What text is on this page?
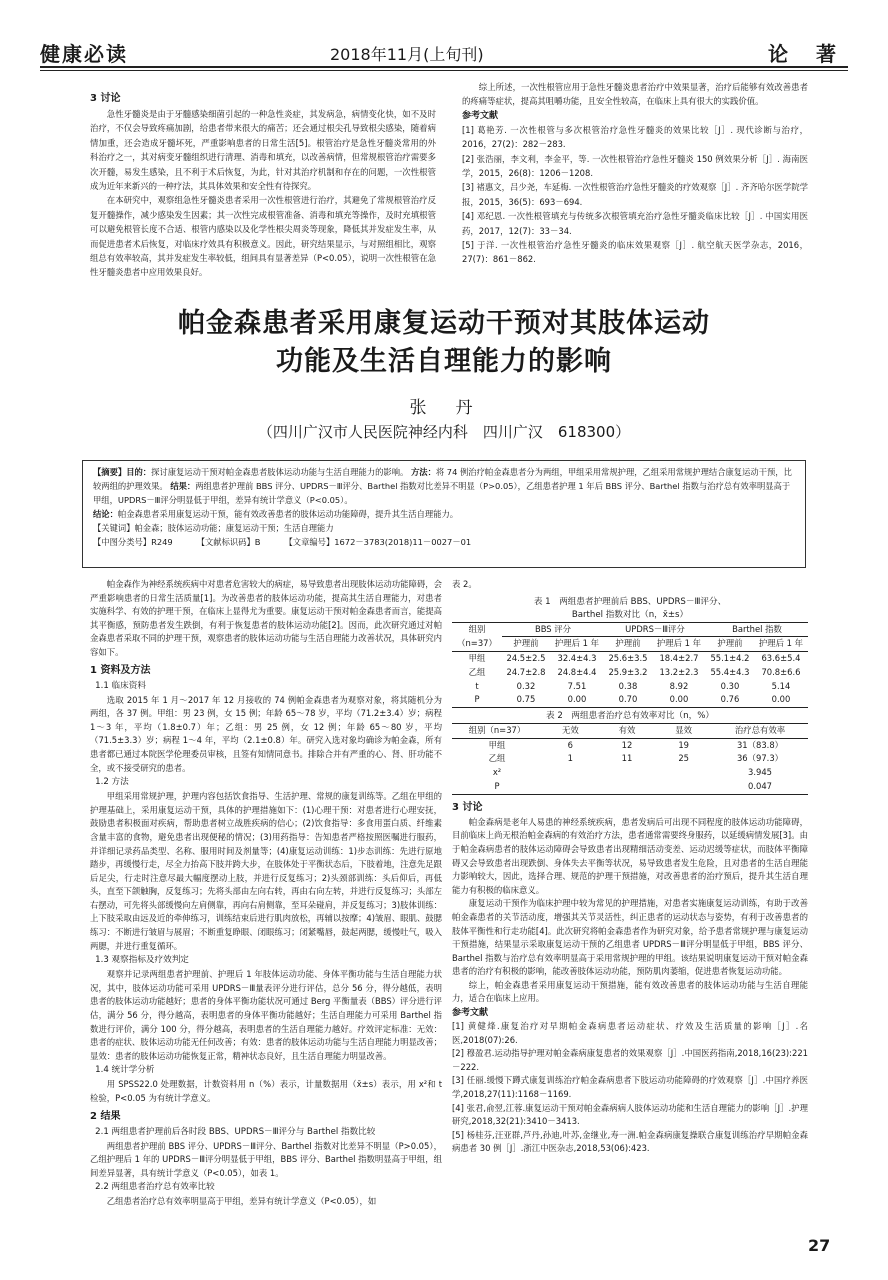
健康必读	2018年11月(上旬刊)	论　著
3 讨论

急性牙髓炎是由于牙髓感染细菌引起的一种急性炎症，其发病急，病情变化快，如不及时治疗，不仅会导致疼痛加剧，给患者带来很大的痛苦；还会通过根尖孔导致根尖感染，随着病情加重，还会造成牙髓坏死，严重影响患者的日常生活[5]。根管治疗是急性牙髓炎常用的外科治疗之一，其对病变牙髓组织进行清理、消毒和填充，以改善病情，但常规根管治疗需要多次开髓，易发生感染，且不利于术后恢复，为此，针对其治疗机制和存在的问题，一次性根管成为近年来新兴的一种疗法，其具体效果和安全性有待探究。

在本研究中，观察组急性牙髓炎患者采用一次性根管进行治疗，其避免了常规根管治疗反复开髓操作，减少感染发生因素；其一次性完成根管准备、消毒和填充等操作，及时充填根管可以避免根管长度不合适、根管内感染以及化学性根尖周炎等现象，降低其并发症发生率，从而促进患者术后恢复，对临床疗效具有积极意义。因此，研究结果显示，与对照组相比，观察组总有效率较高，其并发症发生率较低，组间具有显著差异（P<0.05），说明一次性根管在急性牙髓炎患者中应用效果良好。

综上所述，一次性根管应用于急性牙髓炎患者治疗中效果显著，治疗后能够有效改善患者的疼痛等症状，提高其咀嚼功能，且安全性较高，在临床上具有很大的实践价值。

参考文献

[1] 葛艳芳. 一次性根管与多次根管治疗急性牙髓炎的效果比较［J］. 现代诊断与治疗，2016，27(2)：282－283.

[2] 张浩丽，李文利，李金平，等. 一次性根管治疗急性牙髓炎 150 例效果分析［J］. 海南医学，2015，26(8)：1206－1208.

[3] 褚惠文，吕少尧，车延梅. 一次性根管治疗急性牙髓炎的疗效观察［J］. 齐齐哈尔医学院学报，2015，36(5)：693－694.

[4] 邓纪恩. 一次性根管填充与传统多次根管填充治疗急性牙髓炎临床比较［J］. 中国实用医药，2017，12(7)：33－34.

[5] 于洋. 一次性根管治疗急性牙髓炎的临床效果观察［J］. 航空航天医学杂志，2016，27(7)：861－862.

帕金森患者采用康复运动干预对其肢体运动
功能及生活自理能力的影响
张　丹
（四川广汉市人民医院神经内科　四川广汉　618300）
【摘要】目的：探讨康复运动干预对帕金森患者肢体运动功能与生活自理能力的影响。 方法：将 74 例治疗帕金森患者分为两组，甲组采用常规护理，乙组采用常规护理结合康复运动干预，比较两组的护理效果。 结果：两组患者护理前 BBS 评分、UPDRS－Ⅲ评分、Barthel 指数对比差异不明显（P>0.05），乙组患者护理 1 年后 BBS 评分、Barthel 指数与治疗总有效率明显高于甲组，UPDRS－Ⅲ评分明显低于甲组，差异有统计学意义（P<0.05）。
结论：帕金森患者采用康复运动干预，能有效改善患者的肢体运动功能障碍，提升其生活自理能力。
【关键词】帕金森；肢体运动功能；康复运动干预；生活自理能力
【中图分类号】R249	【文献标识码】B	【文章编号】1672－3783(2018)11－0027－01

帕金森作为神经系统疾病中对患者危害较大的病症，易导致患者出现肢体运动功能障碍，会严重影响患者的日常生活质量[1]。为改善患者的肢体运动功能，提高其生活自理能力，对患者实施科学、有效的护理干预，在临床上显得尤为重要。康复运动干预对帕金森患者而言，能提高其平衡感，预防患者发生跌倒，有利于恢复患者的肢体运动功能[2]。因而，此次研究通过对帕金森患者采取不同的护理干预，观察患者的肢体运动功能与生活自理能力改善状况，具体研究内容如下。

1 资料及方法
1.1 临床资料

选取 2015 年 1 月～2017 年 12 月接收的 74 例帕金森患者为观察对象，将其随机分为两组，各 37 例。甲组：男 23 例，女 15 例；年龄 65～78 岁，平均（71.2±3.4）岁；病程 1～3 年，平均（1.8±0.7）年；乙组：男 25 例，女 12 例；年龄 65～80 岁，平均（71.5±3.3）岁；病程 1～4 年，平均（2.1±0.8）年。研究入选对象均确诊为帕金森，所有患者都已通过本院医学伦理委员审核，且签有知情同意书。排除合并有严重的心、肾、肝功能不全，或不接受研究的患者。

1.2 方法

甲组采用常规护理，护理内容包括饮食指导、生活护理、常规的康复训练等。乙组在甲组的护理基础上，采用康复运动干预，具体的护理措施如下：(1)心理干预：对患者进行心理安抚，鼓励患者积极面对疾病，帮助患者树立战胜疾病的信心；(2)饮食指导：多食用蛋白质、纤维素含量丰富的食物，避免患者出现便秘的情况；(3)用药指导：告知患者严格按照医嘱进行服药，并详细记录药品类型、名称、服用时间及剂量等；(4)康复运动训练：1)步态训练：先进行原地踏步，再缓慢行走，尽全力抬高下肢并跨大步，在肢体处于平衡状态后，下肢着地，注意先足跟后足尖，行走时注意尽最大幅度摆动上肢，并进行反复练习；2)头颈部训练：头后仰后，再低头，直至下颌触胸，反复练习；先将头部由左向右转，再由右向左转，并进行反复练习；头部左右摆动，可先将头部缓慢向左肩侧靠，再向右肩侧靠，至耳朵碰肩，并反复练习；3)肢体训练：上下肢采取由远及近的牵伸练习，训练结束后进行肌肉放松，再辅以按摩；4)皱眉、眼肌、鼓腮练习：不断进行皱眉与展眉；不断重复睁眼、闭眼练习；闭紧嘴唇，鼓起两腮，缓慢吐气，吸入两腮，并进行重复循环。

1.3 观察指标及疗效判定

观察并记录两组患者护理前、护理后 1 年肢体运动功能、身体平衡功能与生活自理能力状况，其中，肢体运动功能可采用 UPDRS－Ⅲ量表评分进行评估，总分 56 分，得分越低，表明患者的肢体运动功能越好；患者的身体平衡功能状况可通过 Berg 平衡量表（BBS）评分进行评估，满分 56 分，得分越高，表明患者的身体平衡功能越好；生活自理能力可采用 Barthel 指数进行评价，满分 100 分，得分越高，表明患者的生活自理能力越好。疗效评定标准：无效：患者的症状、肢体运动功能无任何改善；有效：患者的肢体运动功能与生活自理能力明显改善；显效：患者的肢体运动功能恢复正常，精神状态良好，且生活自理能力明显改善。

1.4 统计学分析

用 SPSS22.0 处理数据，计数资料用 n（%）表示，计量数据用（x̄±s）表示，用 x²和 t 检验，P<0.05 为有统计学意义。

2 结果
2.1 两组患者护理前后各时段 BBS、UPDRS－Ⅲ评分与 Barthel 指数比较

两组患者护理前 BBS 评分、UPDRS－Ⅲ评分、Barthel 指数对比差异不明显（P>0.05），乙组护理后 1 年的 UPDRS－Ⅲ评分明显低于甲组，BBS 评分、Barthel 指数明显高于甲组，组间差异显著，具有统计学意义（P<0.05），如表 1。

2.2 两组患者治疗总有效率比较

乙组患者治疗总有效率明显高于甲组，差异有统计学意义（P<0.05），如

表 2。

表 1　两组患者护理前后 BBS、UPDRS－Ⅲ评分、
Barthel 指数对比（n，x̄±s）
组别	BBS 评分		UPDRS－Ⅲ评分		Barthel 指数	
（n=37）	护理前	护理后 1 年	护理前	护理后 1 年	护理前	护理后 1 年
甲组	24.5±2.5	32.4±4.3	25.6±3.5	18.4±2.7	55.1±4.2	63.6±5.4
乙组	24.7±2.8	24.8±4.4	25.9±3.2	13.2±2.3	55.4±4.3	70.8±6.6
t	0.32	7.51	0.38	8.92	0.30	5.14
P	0.75	0.00	0.70	0.00	0.76	0.00
表 2　两组患者治疗总有效率对比（n，%）
组别（n=37）	无效	有效	显效	治疗总有效率
甲组	6	12	19	31（83.8）
乙组	1	11	25	36（97.3）
x²				3.945
P				0.047
3 讨论

帕金森病是老年人易患的神经系统疾病，患者发病后可出现不同程度的肢体运动功能障碍，目前临床上尚无根治帕金森病的有效治疗方法，患者通常需要终身服药，以延缓病情发展[3]。由于帕金森病患者的肢体运动障碍会导致患者出现精细活动变差、运动迟缓等症状，而肢体平衡障碍又会导致患者出现跌倒、身体失去平衡等状况，易导致患者发生危险，且对患者的生活自理能力影响较大，因此，选择合理、规范的护理干预措施，对改善患者的治疗预后，提升其生活自理能力有积极的临床意义。

康复运动干预作为临床护理中较为常见的护理措施，对患者实施康复运动训练，有助于改善帕金森患者的关节活动度，增强其关节灵活性，纠正患者的运动状态与姿势，有利于改善患者的肢体平衡性和行走功能[4]。此次研究将帕金森患者作为研究对象，给予患者常规护理与康复运动干预措施，结果显示采取康复运动干预的乙组患者 UPDRS－Ⅲ评分明显低于甲组，BBS 评分、Barthel 指数与治疗总有效率明显高于采用常规护理的甲组。该结果说明康复运动干预对帕金森患者的治疗有积极的影响，能改善肢体运动功能，预防肌肉萎缩，促进患者恢复运动功能。

综上，帕金森患者采用康复运动干预措施，能有效改善患者的肢体运动功能与生活自理能力，适合在临床上应用。

参考文献

[1] 黄健烽.康复治疗对早期帕金森病患者运动症状、疗效及生活质量的影响［J］.名医,2018(07):26.

[2] 穆盈君.运动指导护理对帕金森病康复患者的效果观察［J］.中国医药指南,2018,16(23):221－222.

[3] 任丽.缓慢下蹲式康复训练治疗帕金森病患者下肢运动功能障碍的疗效观察［J］.中国疗养医学,2018,27(11):1168－1169.

[4] 张君,俞翌,江蓉.康复运动干预对帕金森病病人肢体运动功能和生活自理能力的影响［J］.护理研究,2018,32(21):3410－3413.

[5] 杨桂芬,汪亚群,芦丹,孙迪,叶苏,金继业,寿一洲.帕金森病康复操联合康复训练治疗早期帕金森病患者 30 例［J］.浙江中医杂志,2018,53(06):423.

27
